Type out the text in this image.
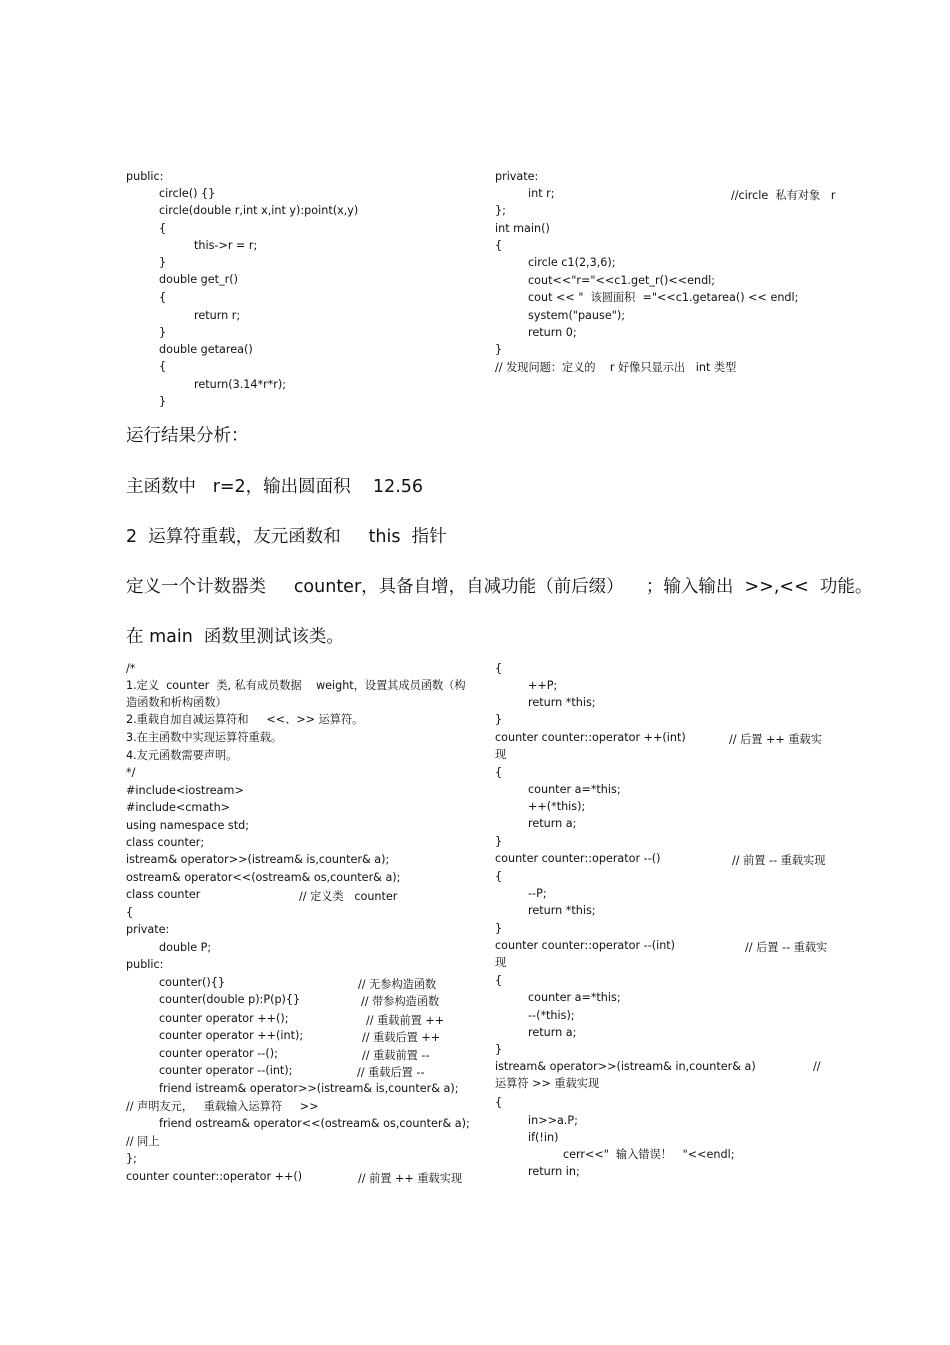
public:
circle() {}
circle(double r,int x,int y):point(x,y)
{
this->r = r;
}
double get_r()
{
return r;
}
double getarea()
{
return(3.14*r*r);
}
private:
int r;	//circle  私有对象   r
};
int main()
{
circle c1(2,3,6);
cout<<"r="<<c1.get_r()<<endl;
cout << "  该圆面积  ="<<c1.getarea() << endl;
system("pause");
return 0;
}
// 发现问题：定义的    r 好像只显示出   int 类型
/*
1.定义  counter  类, 私有成员数据    weight，设置其成员函数（构
造函数和析构函数）
2.重载自加自减运算符和     <<、>> 运算符。
3.在主函数中实现运算符重载。
4.友元函数需要声明。
*/
#include<iostream>
#include<cmath>
using namespace std;
class counter;
istream& operator>>(istream& is,counter& a);
ostream& operator<<(ostream& os,counter& a);
class counter	// 定义类   counter
{
private:
double P;
public:
counter(){}	// 无参构造函数
counter(double p):P(p){}	// 带参构造函数
counter operator ++();	// 重载前置 ++
counter operator ++(int);	// 重载后置 ++
counter operator --();	// 重载前置 --
counter operator --(int);	// 重载后置 --
friend istream& operator>>(istream& is,counter& a);
// 声明友元，   重载输入运算符     >>
friend ostream& operator<<(ostream& os,counter& a);
// 同上
};
counter counter::operator ++()	// 前置 ++ 重载实现
{
++P;
return *this;
}
counter counter::operator ++(int)	// 后置 ++ 重载实
现
{
counter a=*this;
++(*this);
return a;
}
counter counter::operator --()	// 前置 -- 重载实现
{
--P;
return *this;
}
counter counter::operator --(int)	// 后置 -- 重载实
现
{
counter a=*this;
--(*this);
return a;
}
istream& operator>>(istream& in,counter& a)	//
运算符 >> 重载实现
{
in>>a.P;
if(!in)
cerr<<"  输入错误！   "<<endl;
return in;
运行结果分析：
主函数中   r=2，输出圆面积    12.56
2  运算符重载，友元函数和     this  指针
定义一个计数器类     counter，具备自增，自减功能（前后缀）    ；输入输出  >>,<<  功能。
在 main  函数里测试该类。
